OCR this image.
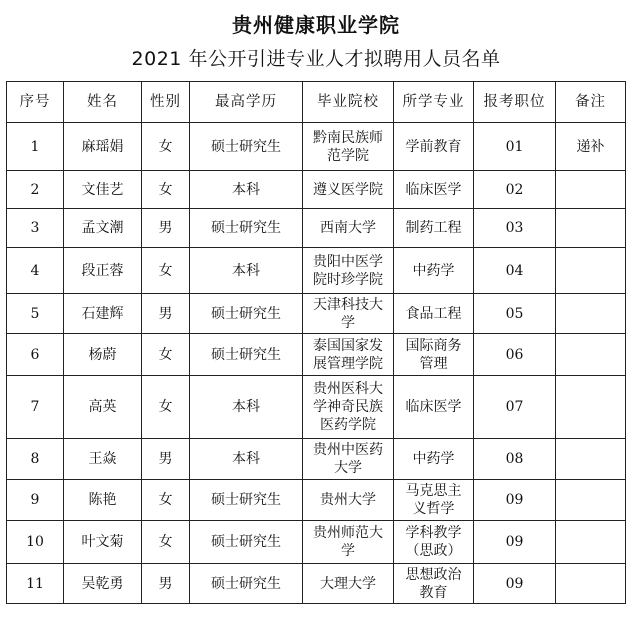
贵州健康职业学院
2021 年公开引进专业人才拟聘用人员名单
序号	姓名	性别	最高学历	毕业院校	所学专业	报考职位	备注
1	麻瑶娟	女	硕士研究生	黔南民族师范学院	学前教育	01	递补
2	文佳艺	女	本科	遵义医学院	临床医学	02	
3	孟文潮	男	硕士研究生	西南大学	制药工程	03	
4	段正蓉	女	本科	贵阳中医学院时珍学院	中药学	04	
5	石建辉	男	硕士研究生	天津科技大学	食品工程	05	
6	杨蔚	女	硕士研究生	泰国国家发展管理学院	国际商务管理	06	
7	高英	女	本科	贵州医科大学神奇民族医药学院	临床医学	07	
8	王焱	男	本科	贵州中医药大学	中药学	08	
9	陈艳	女	硕士研究生	贵州大学	马克思主义哲学	09	
10	叶文菊	女	硕士研究生	贵州师范大学	学科教学（思政）	09	
11	吴乾勇	男	硕士研究生	大理大学	思想政治教育	09	
